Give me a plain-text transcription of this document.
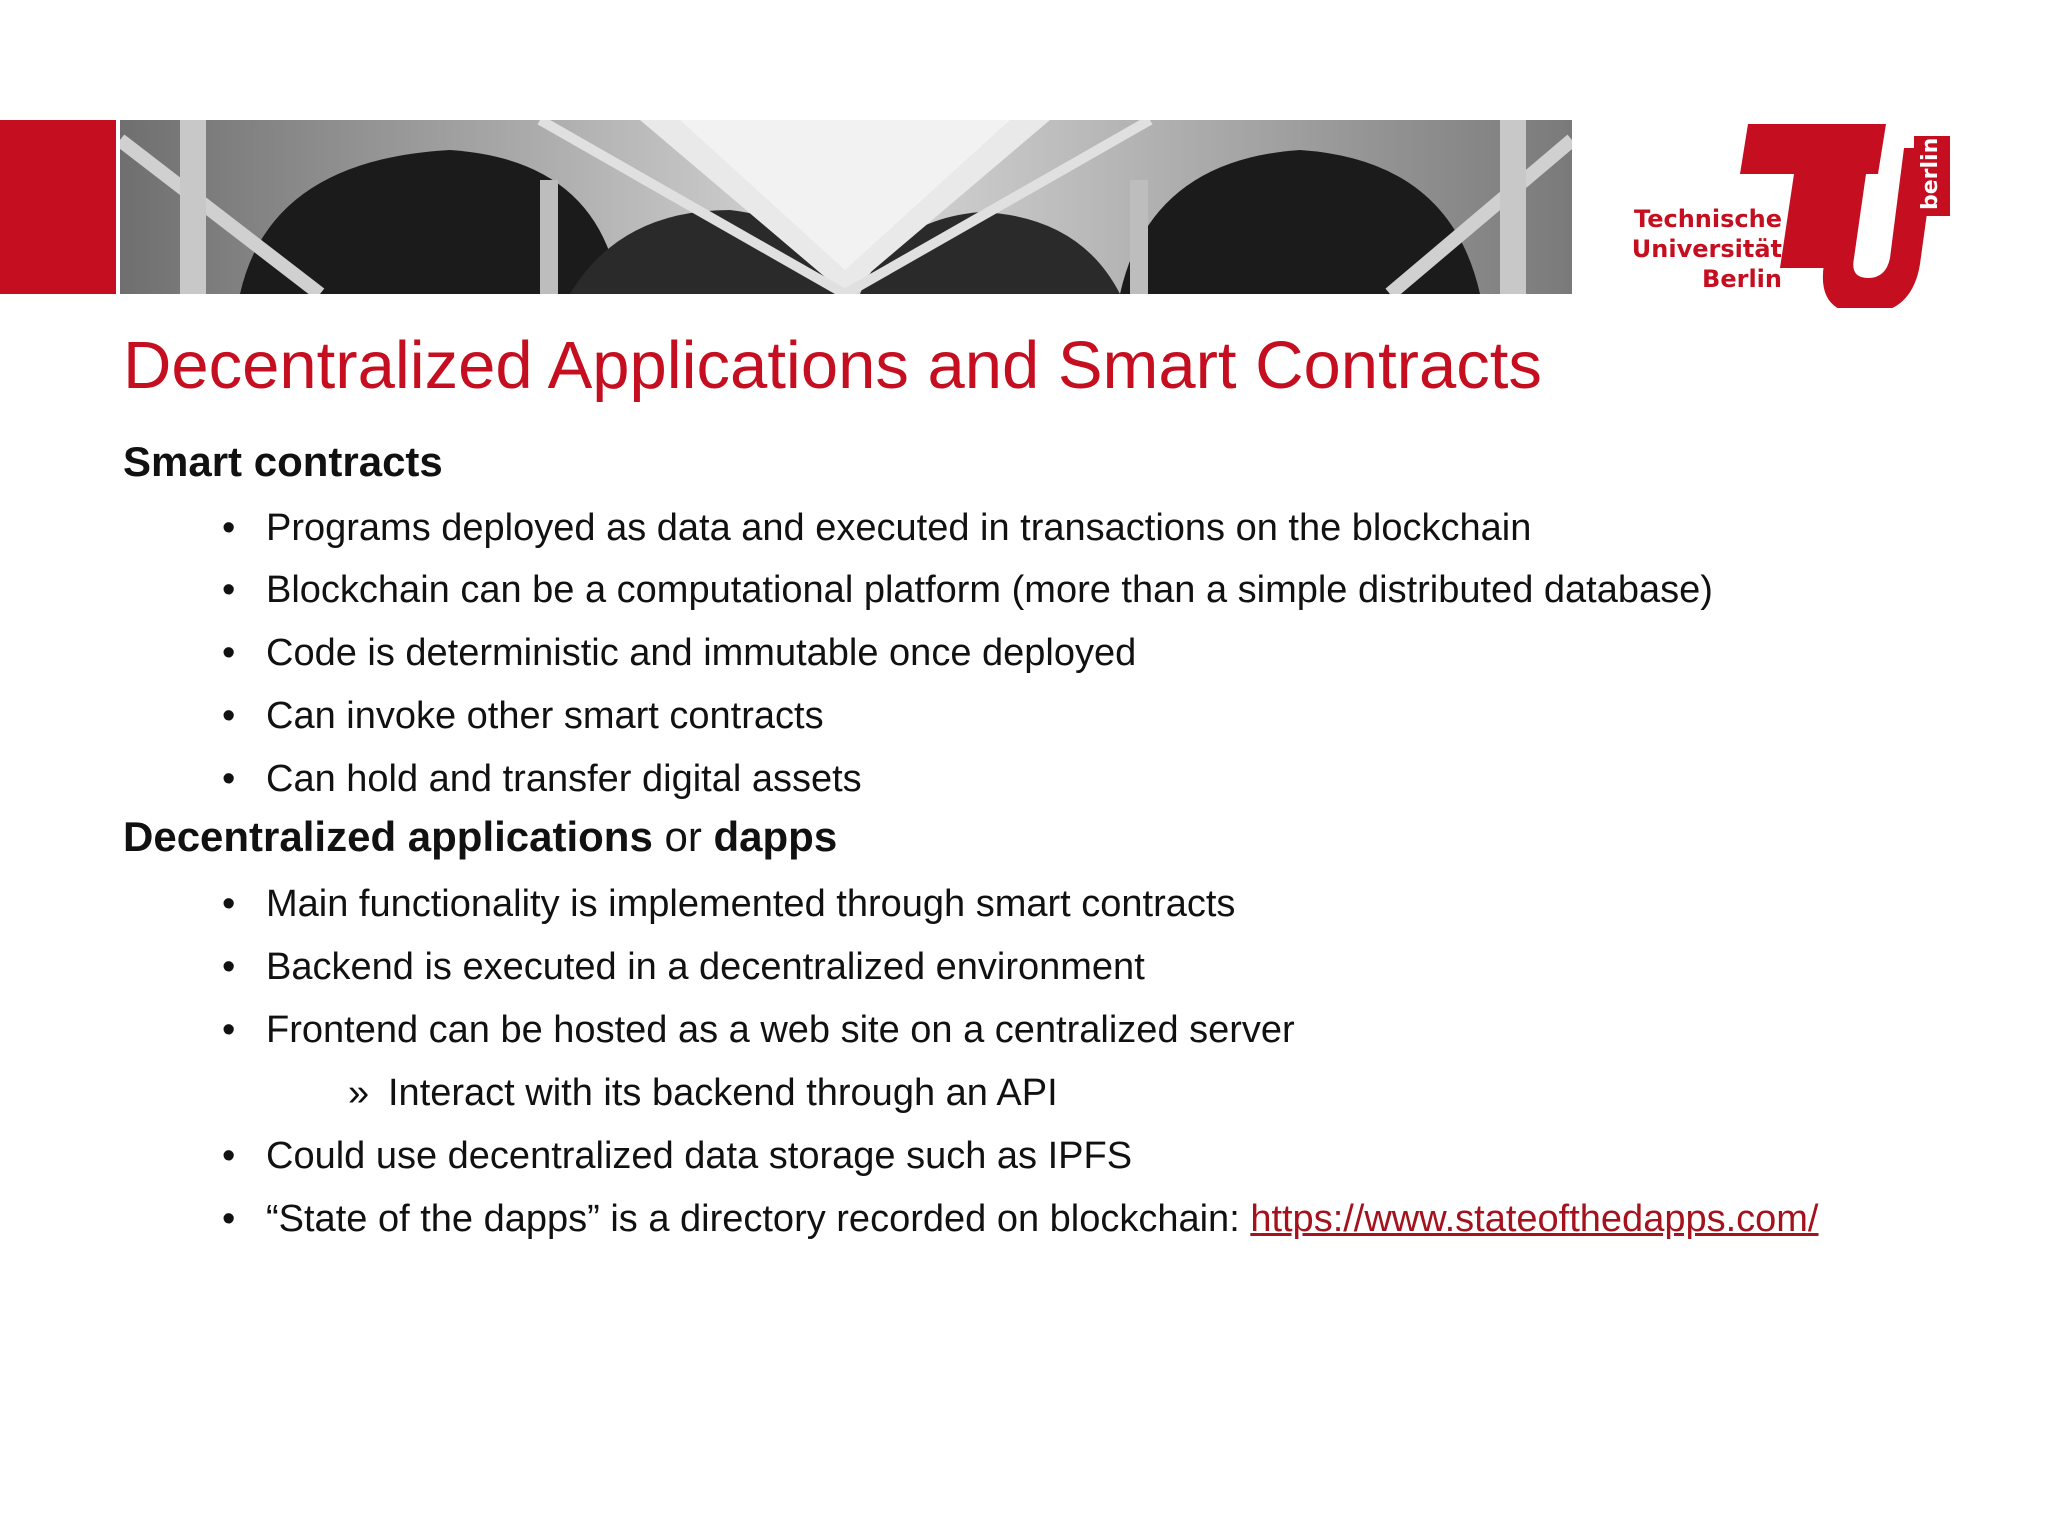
Technische
Universität
Berlin
berlin
Decentralized Applications and Smart Contracts
Smart contracts
• Programs deployed as data and executed in transactions on the blockchain
• Blockchain can be a computational platform (more than a simple distributed database)
• Code is deterministic and immutable once deployed
• Can invoke other smart contracts
• Can hold and transfer digital assets
Decentralized applications or dapps
• Main functionality is implemented through smart contracts
• Backend is executed in a decentralized environment
• Frontend can be hosted as a web site on a centralized server
» Interact with its backend through an API
• Could use decentralized data storage such as IPFS
• “State of the dapps” is a directory recorded on blockchain: https://www.stateofthedapps.com/
